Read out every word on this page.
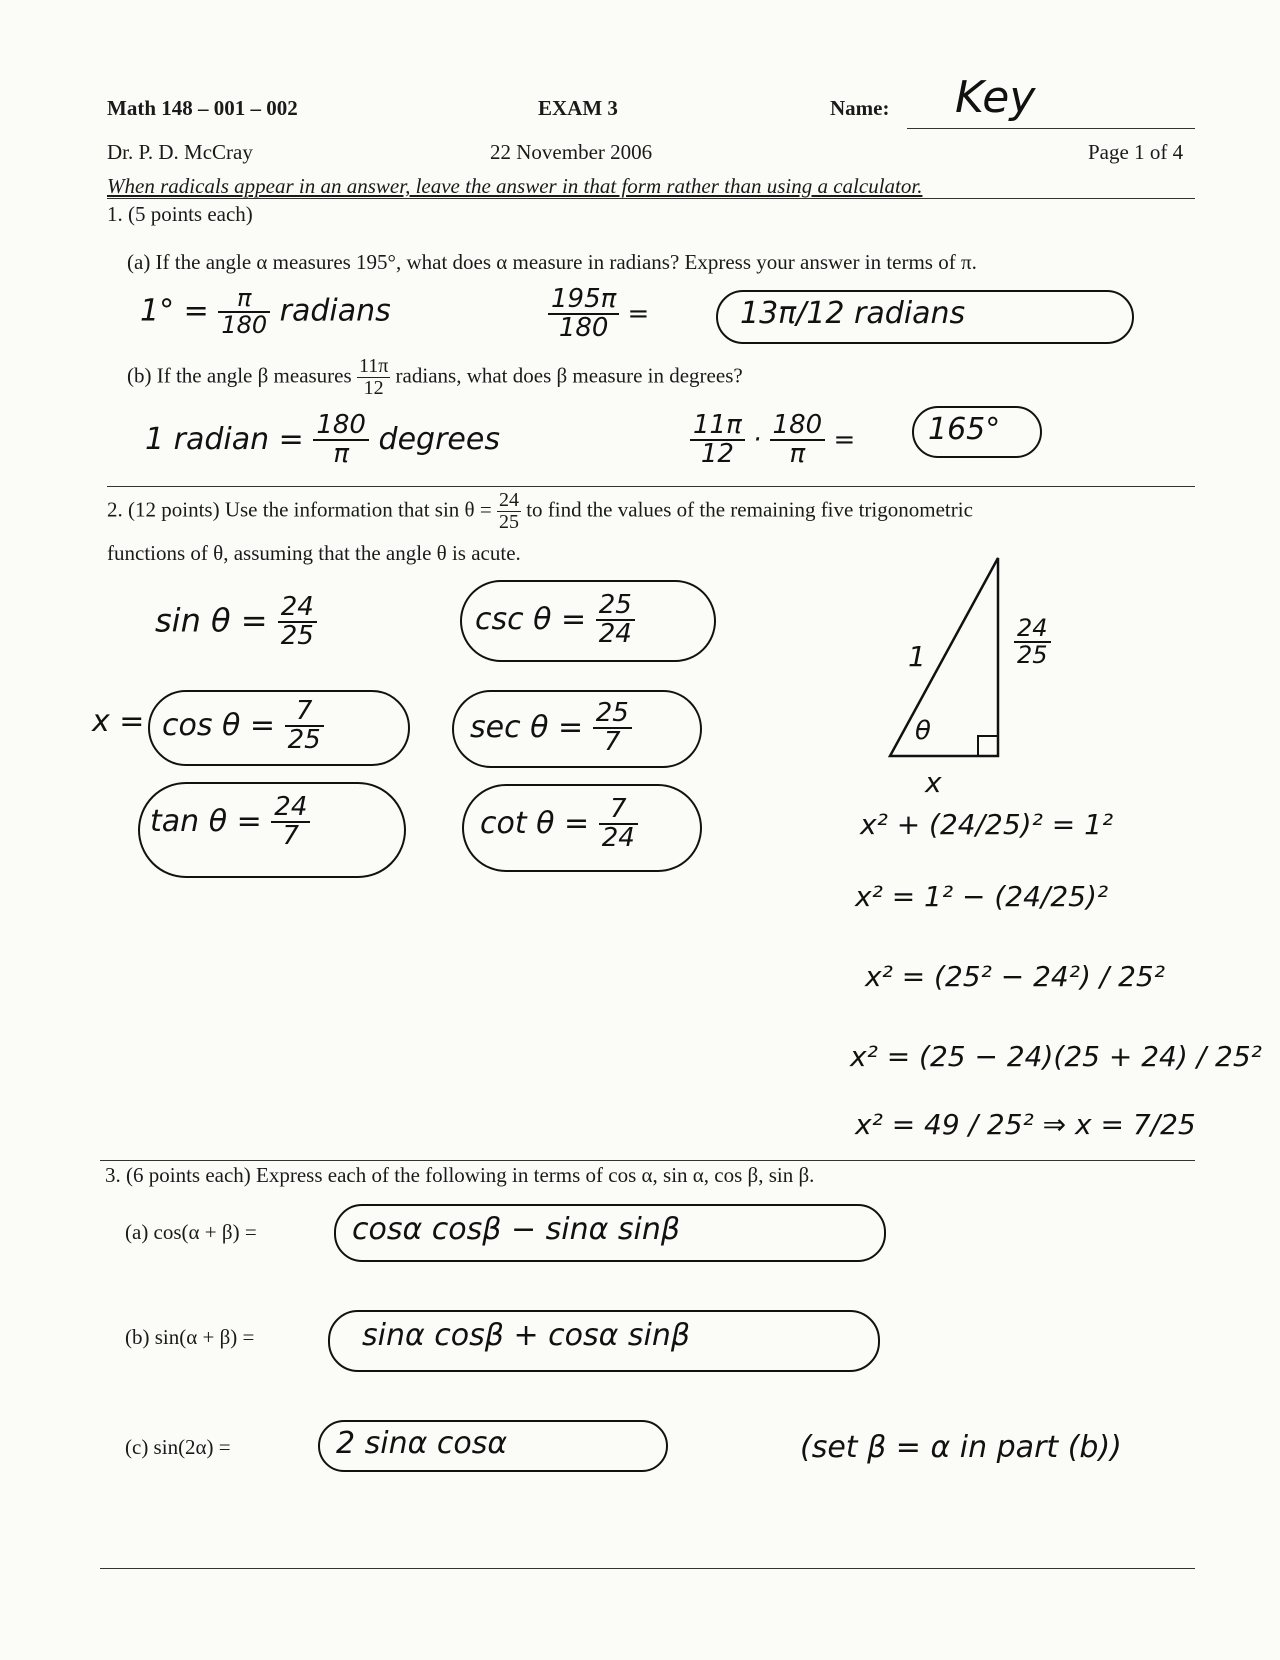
Math 148 – 001 – 002	EXAM 3	Name: Key
Dr. P. D. McCray	22 November 2006	Page 1 of 4
When radicals appear in an answer, leave the answer in that form rather than using a calculator.
1. (5 points each)
(a) If the angle α measures 195°, what does α measure in radians? Express your answer in terms of π.
$1^\circ = \frac{\pi}{180}$ radians	$\frac{195\pi}{180}$ =	13π/12 radians
(b) If the angle β measures $\frac{11\pi}{12}$ radians, what does β measure in degrees?
1 radian = $\frac{180}{\pi}$ degrees	$\frac{11\pi}{12} \cdot \frac{180}{\pi} = 165^\circ$
2. (12 points) Use the information that $\sin \theta = \frac{24}{25}$ to find the values of the remaining five trigonometric
functions of θ, assuming that the angle θ is acute.
$\sin \theta = \frac{24}{25}$	$\csc \theta = \frac{25}{24}$
$x = \cos \theta = \frac{7}{25}$	$\sec \theta = \frac{25}{7}$
$\tan \theta = \frac{24}{7}$	$\cot \theta = \frac{7}{24}$
1	$\frac{24}{25}$
θ
x
x² + (24/25)² = 1²
x² = 1² − (24/25)²
x² = (25² − 24²) / 25²
x² = (25 − 24)(25 + 24) / 25²
x² = 49 / 25² ⇒ x = 7/25
3. (6 points each) Express each of the following in terms of cos α, sin α, cos β, sin β.
(a) cos(α + β) =	cosα cosβ − sinα sinβ
(b) sin(α + β) =	sinα cosβ + cosα sinβ
(c) sin(2α) =	2 sinα cosα	(set β = α in part (b))
